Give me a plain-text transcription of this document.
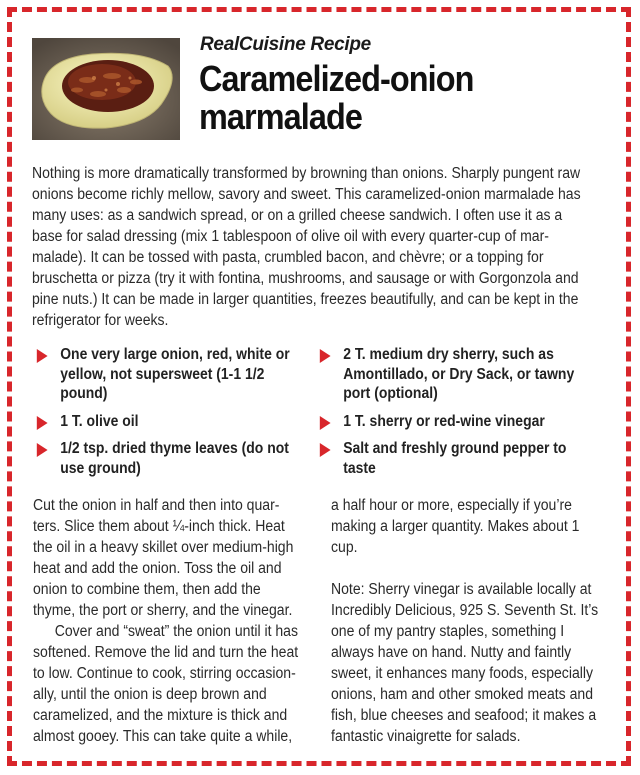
RealCuisine Recipe
Caramelized-onion
marmalade

Nothing is more dramatically transformed by browning than onions. Sharply pungent raw

onions become richly mellow, savory and sweet. This caramelized-onion marmalade has

many uses: as a sandwich spread, or on a grilled cheese sandwich. I often use it as a

base for salad dressing (mix 1 tablespoon of olive oil with every quarter-cup of mar-

malade). It can be tossed with pasta, crumbled bacon, and chèvre; or a topping for

bruschetta or pizza (try it with fontina, mushrooms, and sausage or with Gorgonzola and

pine nuts.) It can be made in larger quantities, freezes beautifully, and can be kept in the

refrigerator for weeks.

One very large onion, red, white or
yellow, not supersweet (1-1 1/2
pound)
1 T. olive oil
1/2 tsp. dried thyme leaves (do not
use ground)
2 T. medium dry sherry, such as
Amontillado, or Dry Sack, or tawny
port (optional)
1 T. sherry or red-wine vinegar
Salt and freshly ground pepper to
taste

Cut the onion in half and then into quar-

ters. Slice them about ¼-inch thick. Heat

the oil in a heavy skillet over medium-high

heat and add the onion. Toss the oil and

onion to combine them, then add the

thyme, the port or sherry, and the vinegar.

Cover and “sweat” the onion until it has

softened. Remove the lid and turn the heat

to low. Continue to cook, stirring occasion-

ally, until the onion is deep brown and

caramelized, and the mixture is thick and

almost gooey. This can take quite a while,

a half hour or more, especially if you’re

making a larger quantity. Makes about 1

cup.

Note: Sherry vinegar is available locally at

Incredibly Delicious, 925 S. Seventh St. It’s

one of my pantry staples, something I

always have on hand. Nutty and faintly

sweet, it enhances many foods, especially

onions, ham and other smoked meats and

fish, blue cheeses and seafood; it makes a

fantastic vinaigrette for salads.
